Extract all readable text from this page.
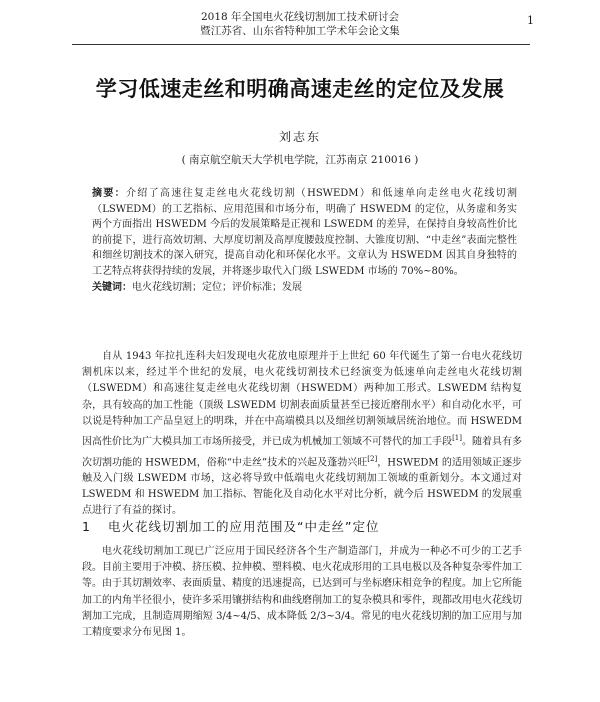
2018 年全国电火花线切割加工技术研讨会
暨江苏省、山东省特种加工学术年会论文集
1
学习低速走丝和明确高速走丝的定位及发展
刘志东
( 南京航空航天大学机电学院，江苏南京 210016 )
摘要：介绍了高速往复走丝电火花线切割（HSWEDM）和低速单向走丝电火花线切割（LSWEDM）的工艺指标、应用范围和市场分布，明确了 HSWEDM 的定位，从务虚和务实两个方面指出 HSWEDM 今后的发展策略是正视和 LSWEDM 的差异，在保持自身较高性价比的前提下，进行高效切割、大厚度切割及高厚度腰鼓度控制、大锥度切割、“中走丝”表面完整性和细丝切割技术的深入研究，提高自动化和环保化水平。文章认为 HSWEDM 因其自身独特的工艺特点将获得持续的发展，并将逐步取代入门级 LSWEDM 市场的 70%~80%。
关键词：电火花线切割；定位；评价标准；发展

自从 1943 年拉扎连科夫妇发现电火花放电原理并于上世纪 60 年代诞生了第一台电火花线切割机床以来，经过半个世纪的发展，电火花线切割技术已经演变为低速单向走丝电火花线切割（LSWEDM）和高速往复走丝电火花线切割（HSWEDM）两种加工形式。LSWEDM 结构复杂，具有较高的加工性能（顶级 LSWEDM 切割表面质量甚至已接近磨削水平）和自动化水平，可以说是特种加工产品皇冠上的明珠，并在中高端模具以及细丝切割领域居统治地位。而 HSWEDM 因高性价比为广大模具加工市场所接受，并已成为机械加工领域不可替代的加工手段[1]。随着具有多次切割功能的 HSWEDM，俗称“中走丝”技术的兴起及蓬勃兴旺[2]，HSWEDM 的适用领域正逐步触及入门级 LSWEDM 市场，这必将导致中低端电火花线切割加工领域的重新划分。本文通过对 LSWEDM 和 HSWEDM 加工指标、智能化及自动化水平对比分析，就今后 HSWEDM 的发展重点进行了有益的探讨。

1 电火花线切割加工的应用范围及“中走丝”定位

电火花线切割加工现已广泛应用于国民经济各个生产制造部门，并成为一种必不可少的工艺手段。目前主要用于冲模、挤压模、拉伸模、塑料模、电火花成形用的工具电极以及各种复杂零件加工等。由于其切割效率、表面质量、精度的迅速提高，已达到可与坐标磨床相竞争的程度。加上它所能加工的内角半径很小，使许多采用镶拼结构和曲线磨削加工的复杂模具和零件，现都改用电火花线切割加工完成，且制造周期缩短 3/4~4/5、成本降低 2/3~3/4。常见的电火花线切割的加工应用与加工精度要求分布见图 1。
